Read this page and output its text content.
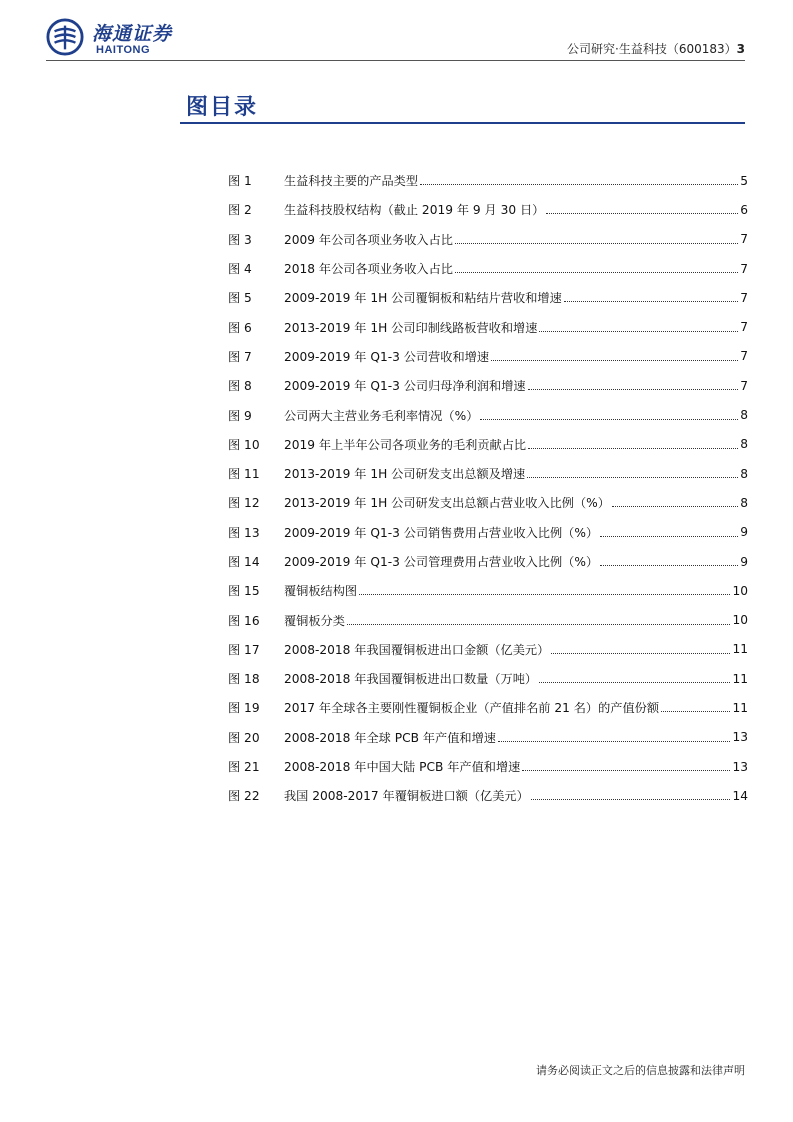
海通证券
HAITONG	公司研究·生益科技（600183）3
图目录
图 1	生益科技主要的产品类型	5
图 2	生益科技股权结构（截止 2019 年 9 月 30 日）	6
图 3	2009 年公司各项业务收入占比	7
图 4	2018 年公司各项业务收入占比	7
图 5	2009-2019 年 1H 公司覆铜板和粘结片营收和增速	7
图 6	2013-2019 年 1H 公司印制线路板营收和增速	7
图 7	2009-2019 年 Q1-3 公司营收和增速	7
图 8	2009-2019 年 Q1-3 公司归母净利润和增速	7
图 9	公司两大主营业务毛利率情况（%）	8
图 10	2019 年上半年公司各项业务的毛利贡献占比	8
图 11	2013-2019 年 1H 公司研发支出总额及增速	8
图 12	2013-2019 年 1H 公司研发支出总额占营业收入比例（%）	8
图 13	2009-2019 年 Q1-3 公司销售费用占营业收入比例（%）	9
图 14	2009-2019 年 Q1-3 公司管理费用占营业收入比例（%）	9
图 15	覆铜板结构图	10
图 16	覆铜板分类	10
图 17	2008-2018 年我国覆铜板进出口金额（亿美元）	11
图 18	2008-2018 年我国覆铜板进出口数量（万吨）	11
图 19	2017 年全球各主要刚性覆铜板企业（产值排名前 21 名）的产值份额	11
图 20	2008-2018 年全球 PCB 年产值和增速	13
图 21	2008-2018 年中国大陆 PCB 年产值和增速	13
图 22	我国 2008-2017 年覆铜板进口额（亿美元）	14
请务必阅读正文之后的信息披露和法律声明
